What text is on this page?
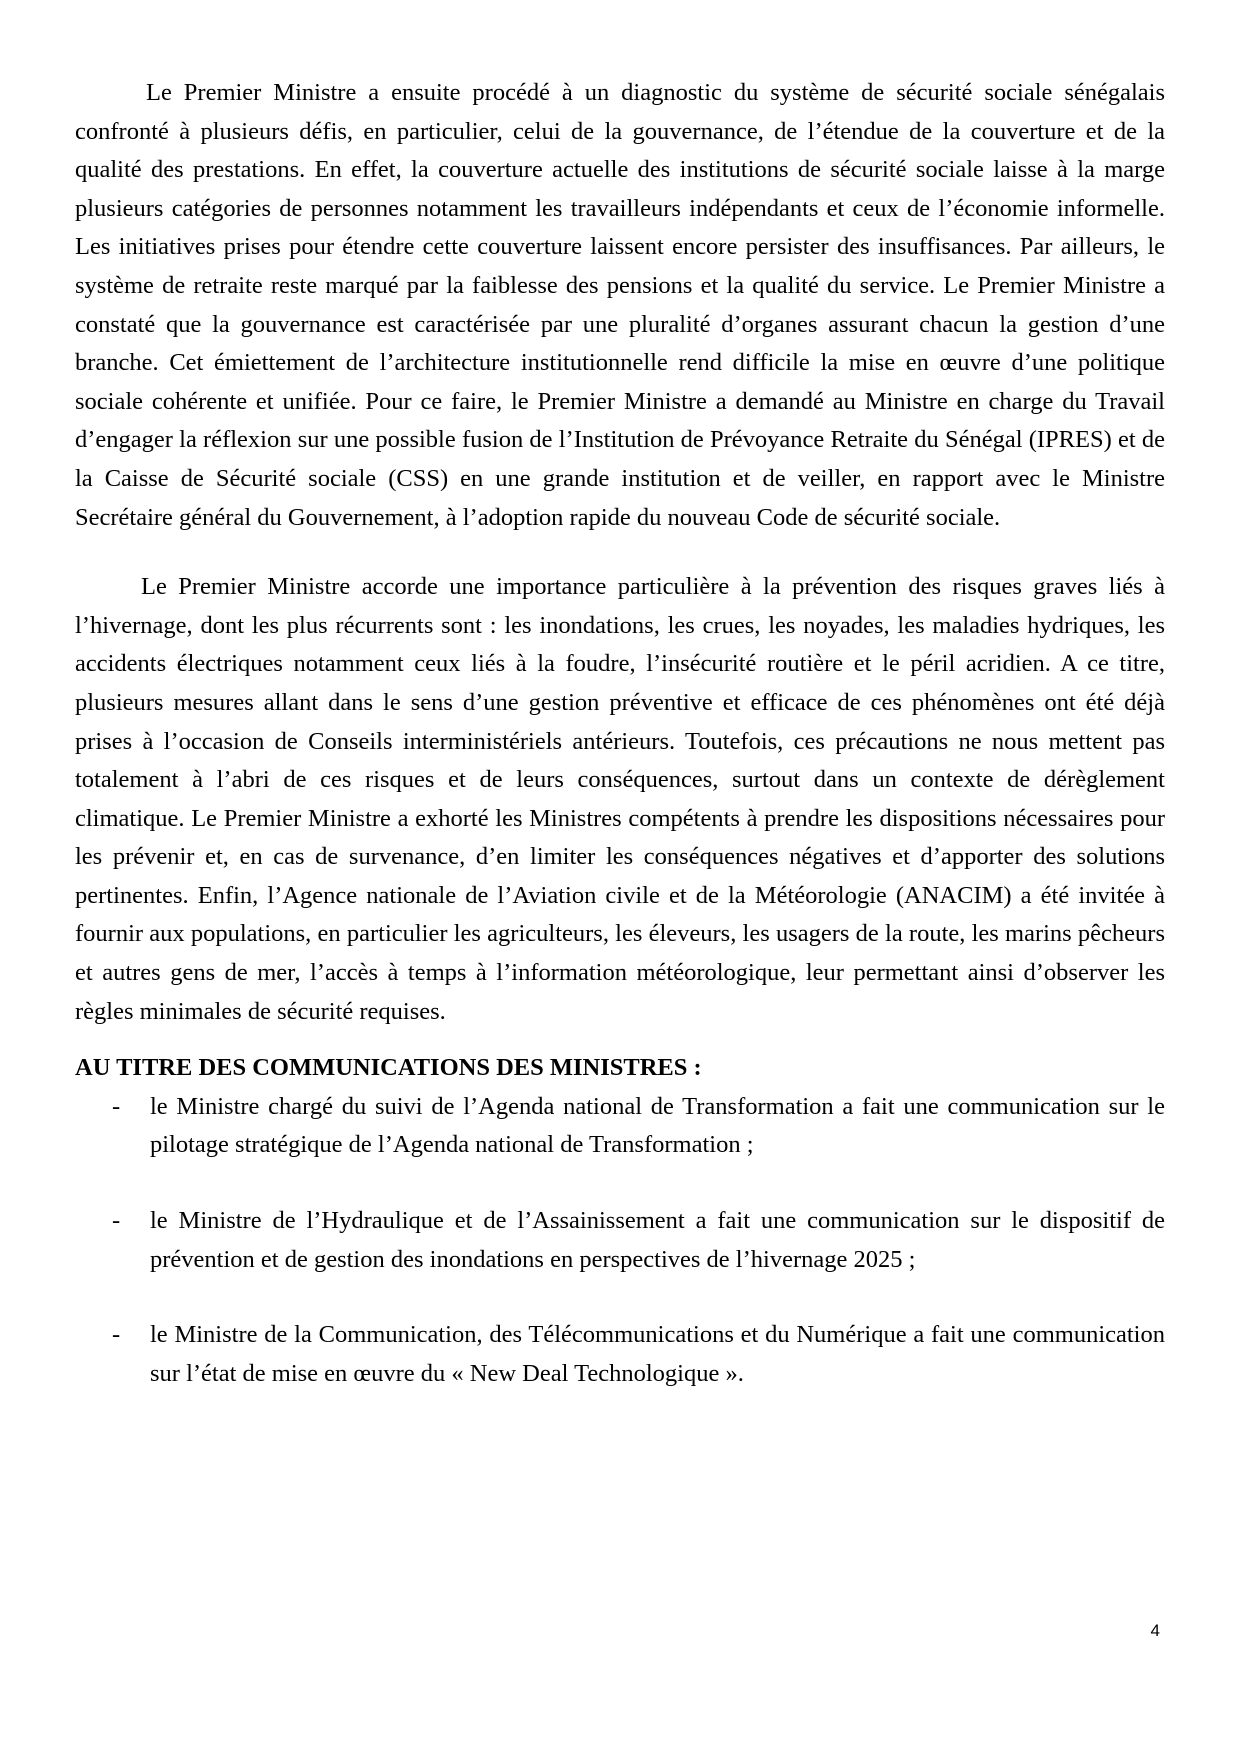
Le Premier Ministre a ensuite procédé à un diagnostic du système de sécurité sociale sénégalais confronté à plusieurs défis, en particulier, celui de la gouvernance, de l’étendue de la couverture et de la qualité des prestations. En effet, la couverture actuelle des institutions de sécurité sociale laisse à la marge plusieurs catégories de personnes notamment les travailleurs indépendants et ceux de l’économie informelle. Les initiatives prises pour étendre cette couverture laissent encore persister des insuffisances. Par ailleurs, le système de retraite reste marqué par la faiblesse des pensions et la qualité du service. Le Premier Ministre a constaté que la gouvernance est caractérisée par une pluralité d’organes assurant chacun la gestion d’une branche. Cet émiettement de l’architecture institutionnelle rend difficile la mise en œuvre d’une politique sociale cohérente et unifiée. Pour ce faire, le Premier Ministre a demandé au Ministre en charge du Travail d’engager la réflexion sur une possible fusion de l’Institution de Prévoyance Retraite du Sénégal (IPRES) et de la Caisse de Sécurité sociale (CSS) en une grande institution et de veiller, en rapport avec le Ministre Secrétaire général du Gouvernement, à l’adoption rapide du nouveau Code de sécurité sociale.

Le Premier Ministre accorde une importance particulière à la prévention des risques graves liés à l’hivernage, dont les plus récurrents sont : les inondations, les crues, les noyades, les maladies hydriques, les accidents électriques notamment ceux liés à la foudre, l’insécurité routière et le péril acridien. A ce titre, plusieurs mesures allant dans le sens d’une gestion préventive et efficace de ces phénomènes ont été déjà prises à l’occasion de Conseils interministériels antérieurs. Toutefois, ces précautions ne nous mettent pas totalement à l’abri de ces risques et de leurs conséquences, surtout dans un contexte de dérèglement climatique. Le Premier Ministre a exhorté les Ministres compétents à prendre les dispositions nécessaires pour les prévenir et, en cas de survenance, d’en limiter les conséquences négatives et d’apporter des solutions pertinentes. Enfin, l’Agence nationale de l’Aviation civile et de la Météorologie (ANACIM) a été invitée à fournir aux populations, en particulier les agriculteurs, les éleveurs, les usagers de la route, les marins pêcheurs et autres gens de mer, l’accès à temps à l’information météorologique, leur permettant ainsi d’observer les règles minimales de sécurité requises.

AU TITRE DES COMMUNICATIONS DES MINISTRES :
- le Ministre chargé du suivi de l’Agenda national de Transformation a fait une communication sur le pilotage stratégique de l’Agenda national de Transformation ;
- le Ministre de l’Hydraulique et de l’Assainissement a fait une communication sur le dispositif de prévention et de gestion des inondations en perspectives de l’hivernage 2025 ;
- le Ministre de la Communication, des Télécommunications et du Numérique a fait une communication sur l’état de mise en œuvre du « New Deal Technologique ».
4
